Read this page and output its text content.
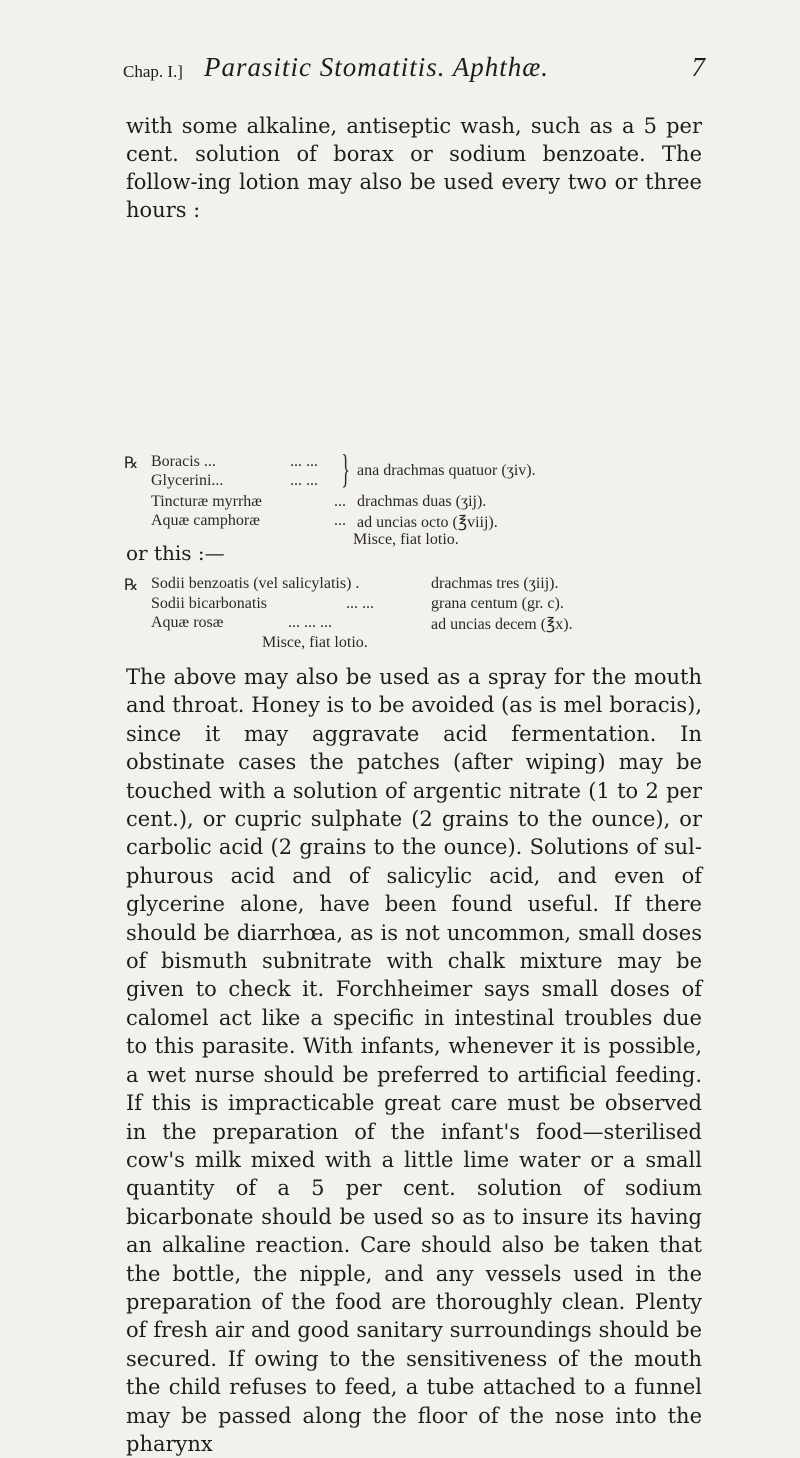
Chap. I.] Parasitic Stomatitis. Aphthæ.	7
with some alkaline, antiseptic wash, such as a 5 per cent. solution of borax or sodium benzoate. The follow-ing lotion may also be used every two or three hours :
℞ Boracis ...	... ...
Glycerini...	... ... } ana drachmas quatuor (ʒiv).
Tincturæ myrrhæ	... drachmas duas (ʒij).
Aquæ camphoræ	... ad uncias octo (℥viij).
Misce, fiat lotio.
or this :—
℞ Sodii benzoatis (vel salicylatis) .	drachmas tres (ʒiij).
Sodii bicarbonatis	... ...	grana centum (gr. c).
Aquæ rosæ	... ... ...	ad uncias decem (℥x).
Misce, fiat lotio.
The above may also be used as a spray for the mouth and throat. Honey is to be avoided (as is mel boracis), since it may aggravate acid fermentation. In obstinate cases the patches (after wiping) may be touched with a solution of argentic nitrate (1 to 2 per cent.), or cupric sulphate (2 grains to the ounce), or carbolic acid (2 grains to the ounce). Solutions of sul-phurous acid and of salicylic acid, and even of glycerine alone, have been found useful. If there should be diarrhœa, as is not uncommon, small doses of bismuth subnitrate with chalk mixture may be given to check it. Forchheimer says small doses of calomel act like a specific in intestinal troubles due to this parasite. With infants, whenever it is possible, a wet nurse should be preferred to artificial feeding. If this is impracticable great care must be observed in the preparation of the infant's food—sterilised cow's milk mixed with a little lime water or a small quantity of a 5 per cent. solution of sodium bicarbonate should be used so as to insure its having an alkaline reaction. Care should also be taken that the bottle, the nipple, and any vessels used in the preparation of the food are thoroughly clean. Plenty of fresh air and good sanitary surroundings should be secured. If owing to the sensitiveness of the mouth the child refuses to feed, a tube attached to a funnel may be passed along the floor of the nose into the pharynx
